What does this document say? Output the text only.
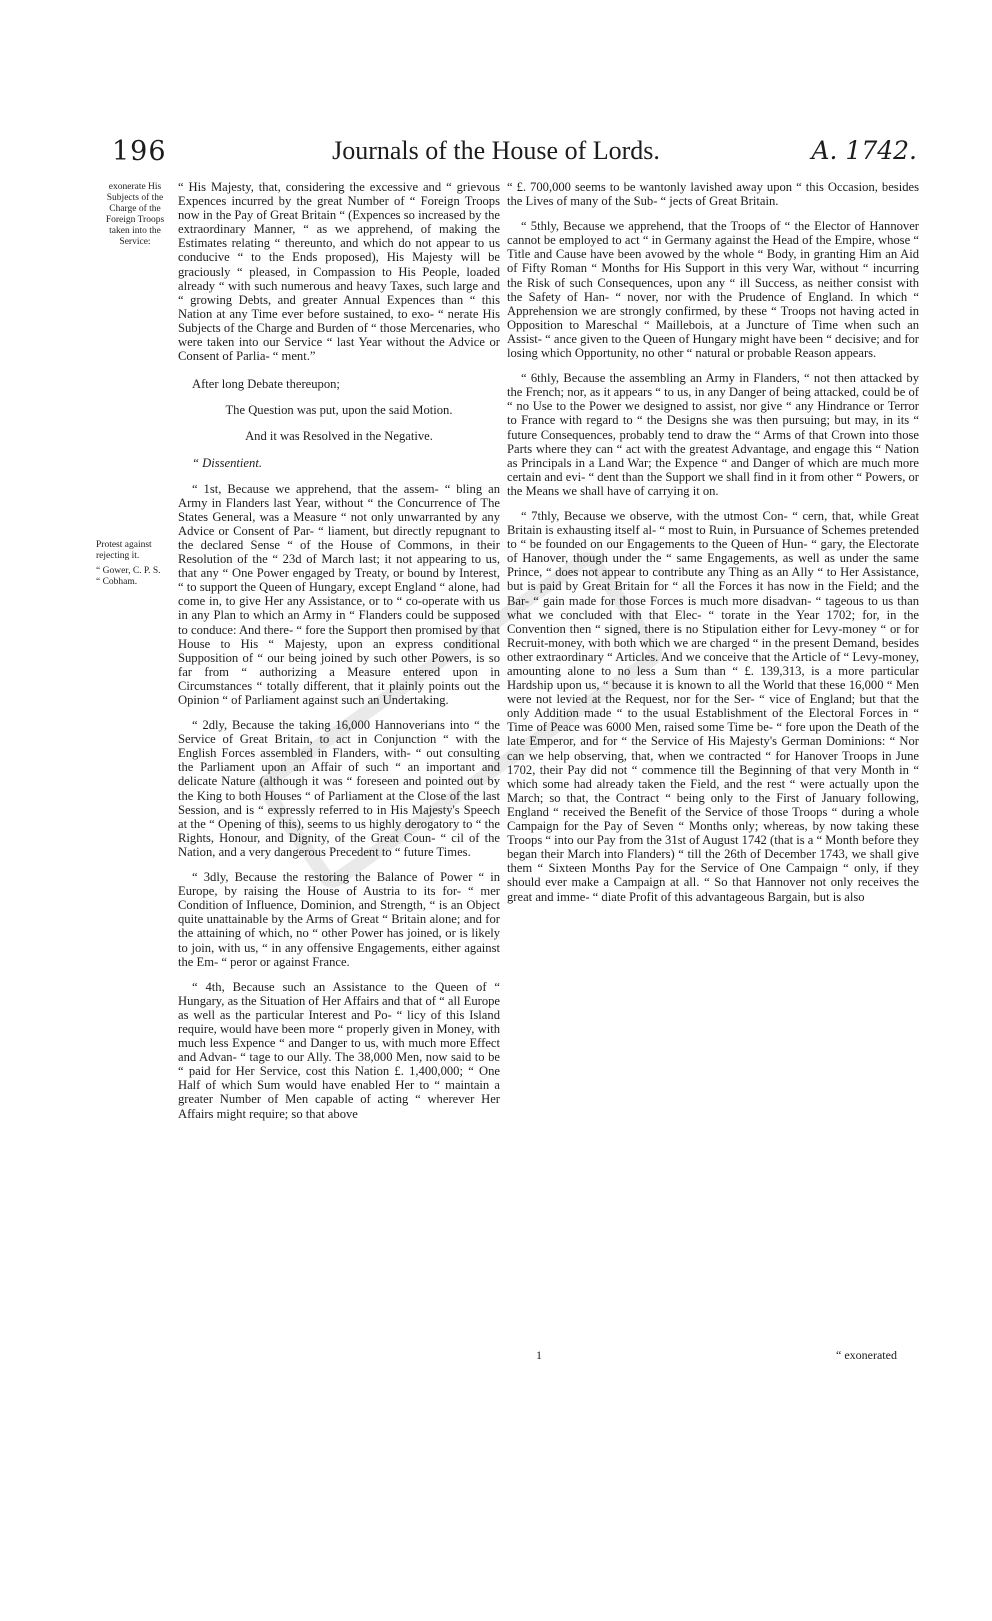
196	Journals of the House of Lords.	A. 1742.
exonerate His Subjects of the Charge of the Foreign Troops taken into the Service:
Protest against rejecting it.
“ Gower, C. P. S.
“ Cobham.

“ His Majesty, that, considering the excessive and “ grievous Expences incurred by the great Number of “ Foreign Troops now in the Pay of Great Britain “ (Expences so increased by the extraordinary Manner, “ as we apprehend, of making the Estimates relating “ thereunto, and which do not appear to us conducive “ to the Ends proposed), His Majesty will be graciously “ pleased, in Compassion to His People, loaded already “ with such numerous and heavy Taxes, such large and “ growing Debts, and greater Annual Expences than “ this Nation at any Time ever before sustained, to exo- “ nerate His Subjects of the Charge and Burden of “ those Mercenaries, who were taken into our Service “ last Year without the Advice or Consent of Parlia- “ ment.”

After long Debate thereupon;

The Question was put, upon the said Motion.

And it was Resolved in the Negative.

“ Dissentient.

“ 1st, Because we apprehend, that the assem- “ bling an Army in Flanders last Year, without “ the Concurrence of The States General, was a Measure “ not only unwarranted by any Advice or Consent of Par- “ liament, but directly repugnant to the declared Sense “ of the House of Commons, in their Resolution of the “ 23d of March last; it not appearing to us, that any “ One Power engaged by Treaty, or bound by Interest, “ to support the Queen of Hungary, except England “ alone, had come in, to give Her any Assistance, or to “ co-operate with us in any Plan to which an Army in “ Flanders could be supposed to conduce: And there- “ fore the Support then promised by that House to His “ Majesty, upon an express conditional Supposition of “ our being joined by such other Powers, is so far from “ authorizing a Measure entered upon in Circumstances “ totally different, that it plainly points out the Opinion “ of Parliament against such an Undertaking.

“ 2dly, Because the taking 16,000 Hannoverians into “ the Service of Great Britain, to act in Conjunction “ with the English Forces assembled in Flanders, with- “ out consulting the Parliament upon an Affair of such “ an important and delicate Nature (although it was “ foreseen and pointed out by the King to both Houses “ of Parliament at the Close of the last Session, and is “ expressly referred to in His Majesty's Speech at the “ Opening of this), seems to us highly derogatory to “ the Rights, Honour, and Dignity, of the Great Coun- “ cil of the Nation, and a very dangerous Precedent to “ future Times.

“ 3dly, Because the restoring the Balance of Power “ in Europe, by raising the House of Austria to its for- “ mer Condition of Influence, Dominion, and Strength, “ is an Object quite unattainable by the Arms of Great “ Britain alone; and for the attaining of which, no “ other Power has joined, or is likely to join, with us, “ in any offensive Engagements, either against the Em- “ peror or against France.

“ 4th, Because such an Assistance to the Queen of “ Hungary, as the Situation of Her Affairs and that of “ all Europe as well as the particular Interest and Po- “ licy of this Island require, would have been more “ properly given in Money, with much less Expence “ and Danger to us, with much more Effect and Advan- “ tage to our Ally. The 38,000 Men, now said to be “ paid for Her Service, cost this Nation £. 1,400,000; “ One Half of which Sum would have enabled Her to “ maintain a greater Number of Men capable of acting “ wherever Her Affairs might require; so that above

“ £. 700,000 seems to be wantonly lavished away upon “ this Occasion, besides the Lives of many of the Sub- “ jects of Great Britain.

“ 5thly, Because we apprehend, that the Troops of “ the Elector of Hannover cannot be employed to act “ in Germany against the Head of the Empire, whose “ Title and Cause have been avowed by the whole “ Body, in granting Him an Aid of Fifty Roman “ Months for His Support in this very War, without “ incurring the Risk of such Consequences, upon any “ ill Success, as neither consist with the Safety of Han- “ nover, nor with the Prudence of England. In which “ Apprehension we are strongly confirmed, by these “ Troops not having acted in Opposition to Mareschal “ Maillebois, at a Juncture of Time when such an Assist- “ ance given to the Queen of Hungary might have been “ decisive; and for losing which Opportunity, no other “ natural or probable Reason appears.

“ 6thly, Because the assembling an Army in Flanders, “ not then attacked by the French; nor, as it appears “ to us, in any Danger of being attacked, could be of “ no Use to the Power we designed to assist, nor give “ any Hindrance or Terror to France with regard to “ the Designs she was then pursuing; but may, in its “ future Consequences, probably tend to draw the “ Arms of that Crown into those Parts where they can “ act with the greatest Advantage, and engage this “ Nation as Principals in a Land War; the Expence “ and Danger of which are much more certain and evi- “ dent than the Support we shall find in it from other “ Powers, or the Means we shall have of carrying it on.

“ 7thly, Because we observe, with the utmost Con- “ cern, that, while Great Britain is exhausting itself al- “ most to Ruin, in Pursuance of Schemes pretended to “ be founded on our Engagements to the Queen of Hun- “ gary, the Electorate of Hanover, though under the “ same Engagements, as well as under the same Prince, “ does not appear to contribute any Thing as an Ally “ to Her Assistance, but is paid by Great Britain for “ all the Forces it has now in the Field; and the Bar- “ gain made for those Forces is much more disadvan- “ tageous to us than what we concluded with that Elec- “ torate in the Year 1702; for, in the Convention then “ signed, there is no Stipulation either for Levy-money “ or for Recruit-money, with both which we are charged “ in the present Demand, besides other extraordinary “ Articles. And we conceive that the Article of “ Levy-money, amounting alone to no less a Sum than “ £. 139,313, is a more particular Hardship upon us, “ because it is known to all the World that these 16,000 “ Men were not levied at the Request, nor for the Ser- “ vice of England; but that the only Addition made “ to the usual Establishment of the Electoral Forces in “ Time of Peace was 6000 Men, raised some Time be- “ fore upon the Death of the late Emperor, and for “ the Service of His Majesty's German Dominions: “ Nor can we help observing, that, when we contracted “ for Hanover Troops in June 1702, their Pay did not “ commence till the Beginning of that very Month in “ which some had already taken the Field, and the rest “ were actually upon the March; so that, the Contract “ being only to the First of January following, England “ received the Benefit of the Service of those Troops “ during a whole Campaign for the Pay of Seven “ Months only; whereas, by now taking these Troops “ into our Pay from the 31st of August 1742 (that is a “ Month before they began their March into Flanders) “ till the 26th of December 1743, we shall give them “ Sixteen Months Pay for the Service of One Campaign “ only, if they should ever make a Campaign at all. “ So that Hannover not only receives the great and imme- “ diate Profit of this advantageous Bargain, but is also

1	“ exonerated
